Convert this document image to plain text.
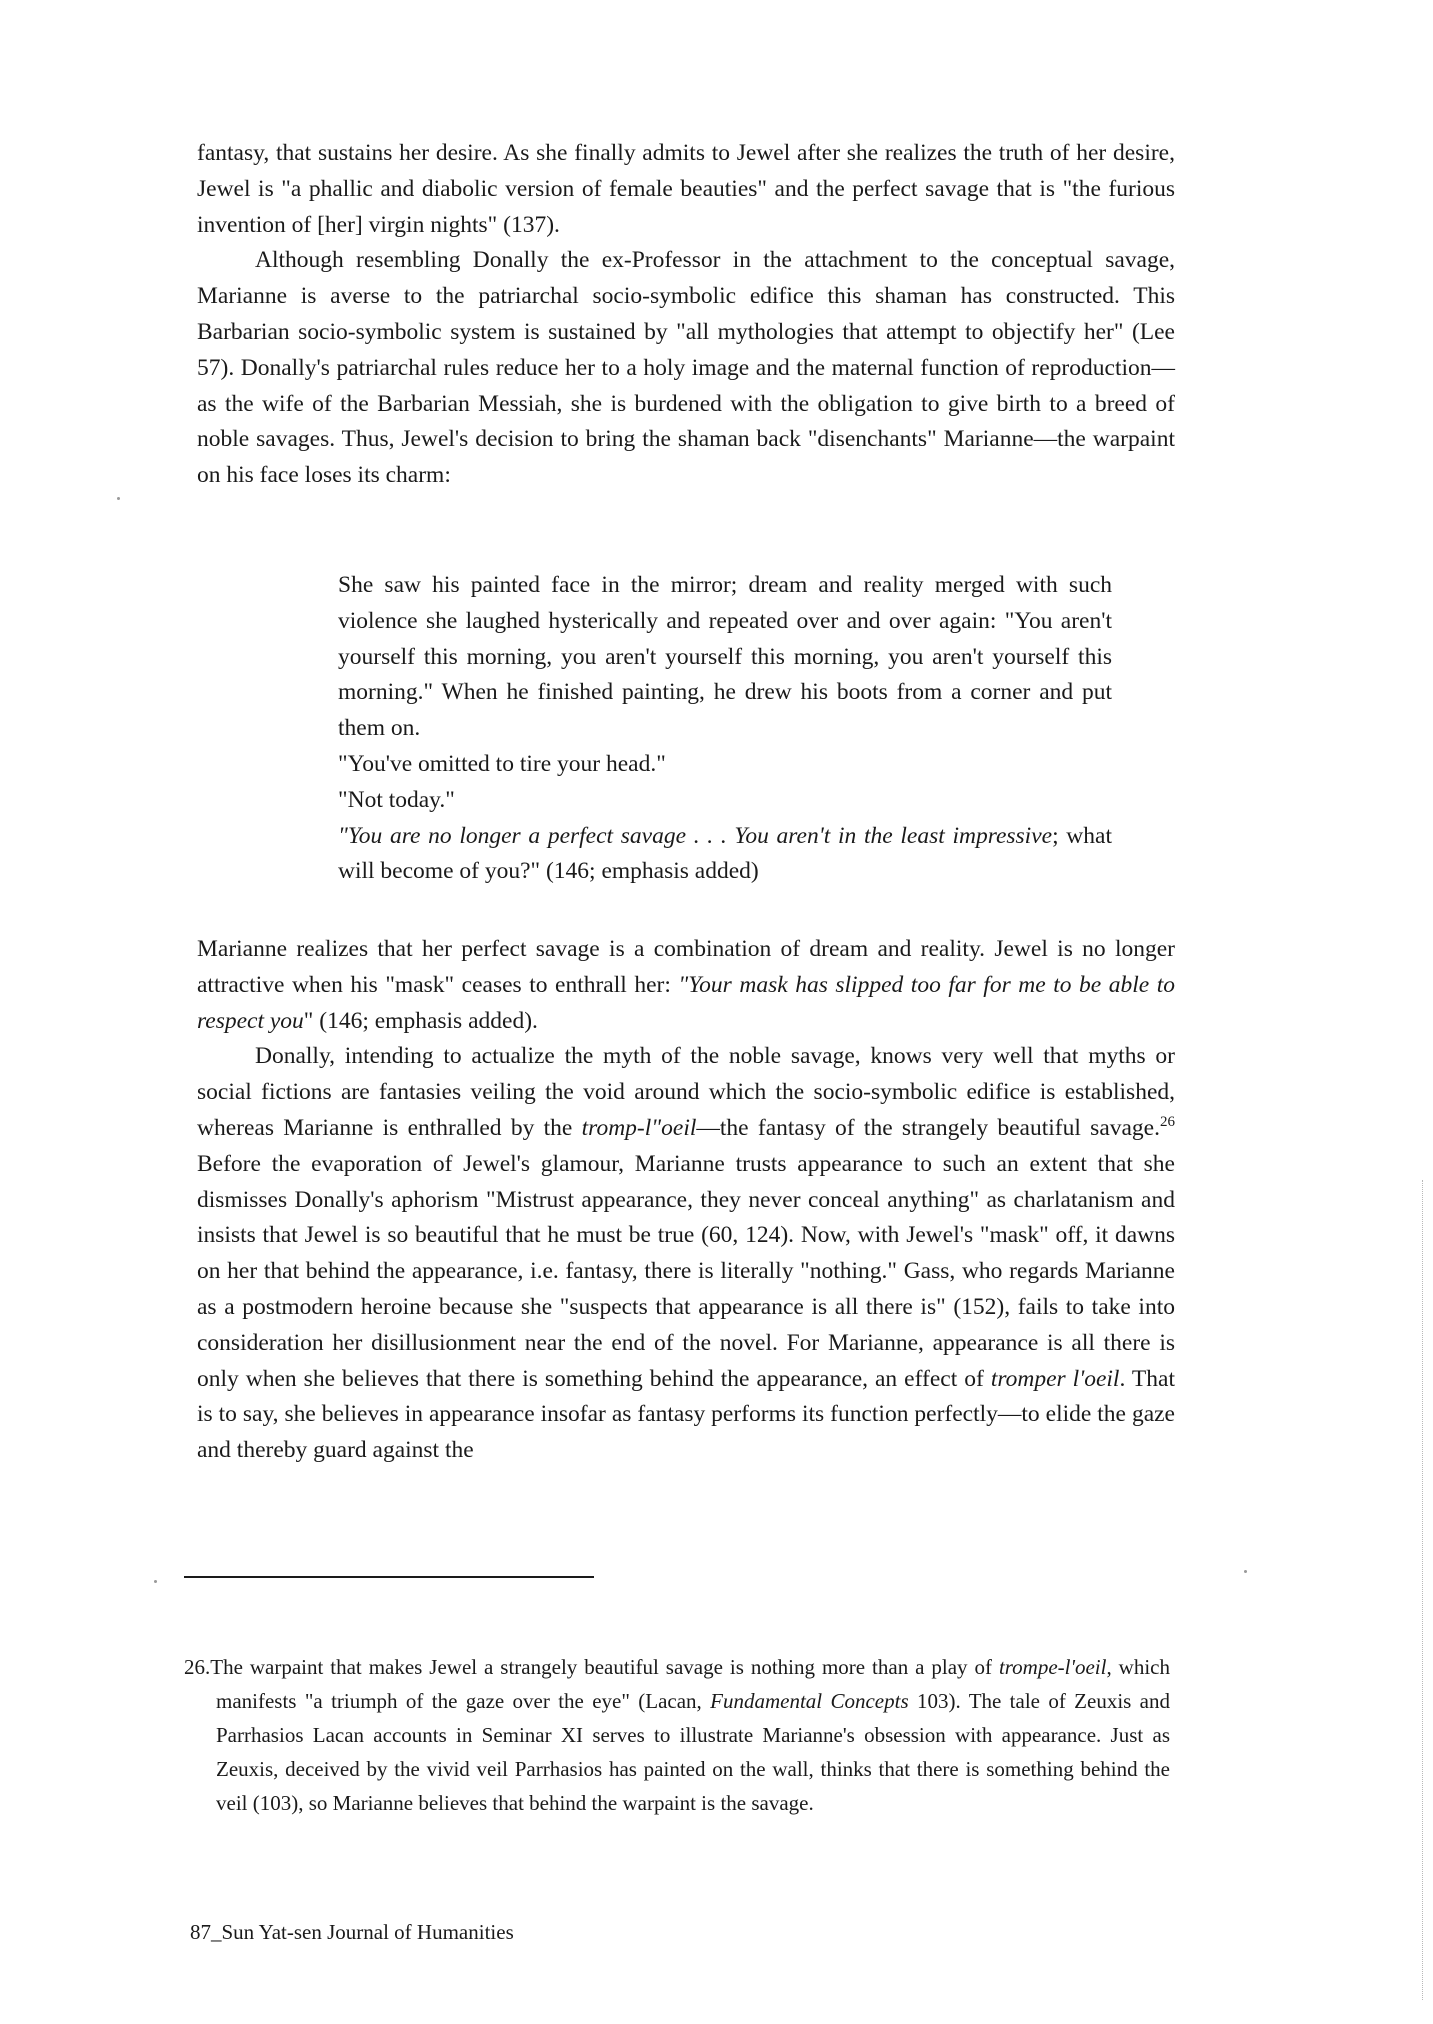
fantasy, that sustains her desire. As she finally admits to Jewel after she realizes the truth of her desire, Jewel is "a phallic and diabolic version of female beauties" and the perfect savage that is "the furious invention of [her] virgin nights" (137).

Although resembling Donally the ex-Professor in the attachment to the conceptual savage, Marianne is averse to the patriarchal socio-symbolic edifice this shaman has constructed. This Barbarian socio-symbolic system is sustained by "all mythologies that attempt to objectify her" (Lee 57). Donally's patriarchal rules reduce her to a holy image and the maternal function of reproduction—as the wife of the Barbarian Messiah, she is burdened with the obligation to give birth to a breed of noble savages. Thus, Jewel's decision to bring the shaman back "disenchants" Marianne—the warpaint on his face loses its charm:

She saw his painted face in the mirror; dream and reality merged with such violence she laughed hysterically and repeated over and over again: "You aren't yourself this morning, you aren't yourself this morning, you aren't yourself this morning." When he finished painting, he drew his boots from a corner and put them on.

"You've omitted to tire your head."

"Not today."

"You are no longer a perfect savage . . . You aren't in the least impressive; what will become of you?" (146; emphasis added)

Marianne realizes that her perfect savage is a combination of dream and reality. Jewel is no longer attractive when his "mask" ceases to enthrall her: "Your mask has slipped too far for me to be able to respect you" (146; emphasis added).

Donally, intending to actualize the myth of the noble savage, knows very well that myths or social fictions are fantasies veiling the void around which the socio-symbolic edifice is established, whereas Marianne is enthralled by the tromp-l"oeil—the fantasy of the strangely beautiful savage.$^{26}$ Before the evaporation of Jewel's glamour, Marianne trusts appearance to such an extent that she dismisses Donally's aphorism "Mistrust appearance, they never conceal anything" as charlatanism and insists that Jewel is so beautiful that he must be true (60, 124). Now, with Jewel's "mask" off, it dawns on her that behind the appearance, i.e. fantasy, there is literally "nothing." Gass, who regards Marianne as a postmodern heroine because she "suspects that appearance is all there is" (152), fails to take into consideration her disillusionment near the end of the novel. For Marianne, appearance is all there is only when she believes that there is something behind the appearance, an effect of tromper l'oeil. That is to say, she believes in appearance insofar as fantasy performs its function perfectly—to elide the gaze and thereby guard against the

26.The warpaint that makes Jewel a strangely beautiful savage is nothing more than a play of trompe-l'oeil, which manifests "a triumph of the gaze over the eye" (Lacan, Fundamental Concepts 103). The tale of Zeuxis and Parrhasios Lacan accounts in Seminar XI serves to illustrate Marianne's obsession with appearance. Just as Zeuxis, deceived by the vivid veil Parrhasios has painted on the wall, thinks that there is something behind the veil (103), so Marianne believes that behind the warpaint is the savage.

87_Sun Yat-sen Journal of Humanities
